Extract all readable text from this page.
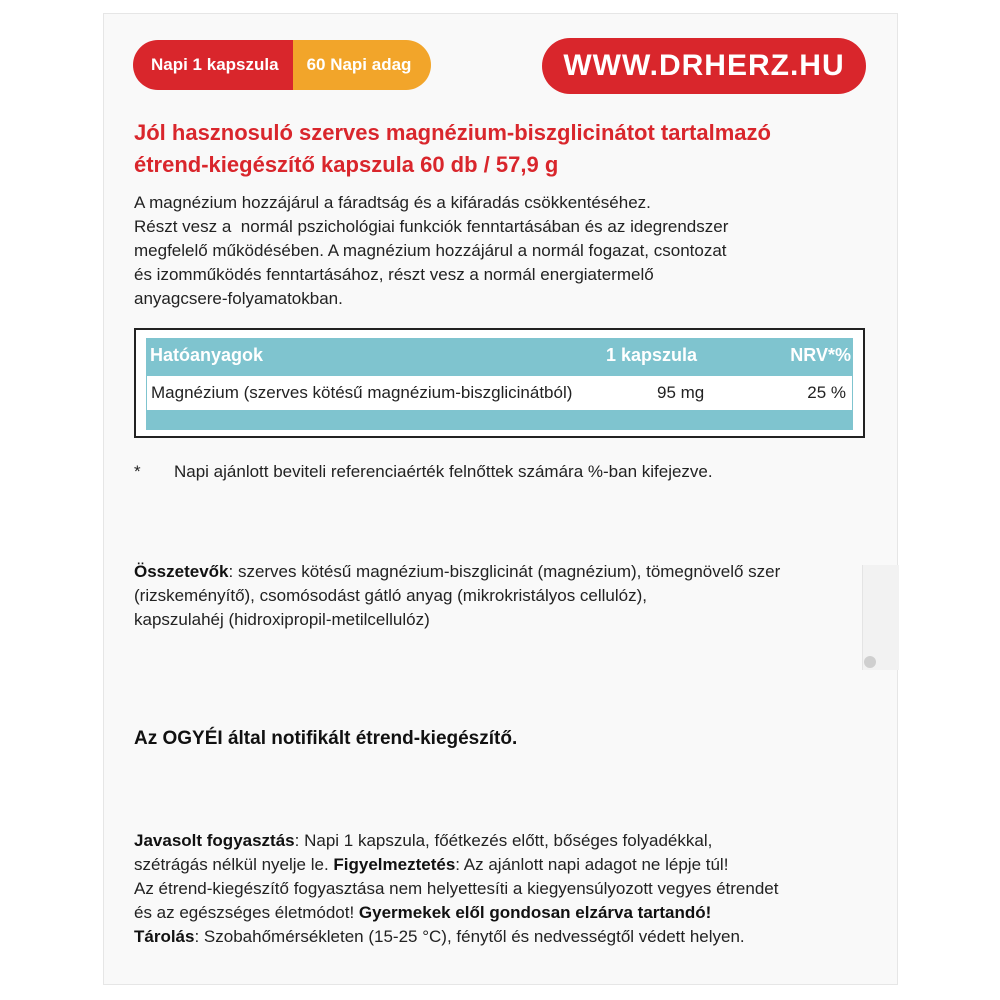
Napi 1 kapszula	60 Napi adag	WWW.DRHERZ.HU
Jól hasznosuló szerves magnézium-biszglicinátot tartalmazó
étrend-kiegészítő kapszula 60 db / 57,9 g
A magnézium hozzájárul a fáradtság és a kifáradás csökkentéséhez.
Részt vesz a  normál pszichológiai funkciók fenntartásában és az idegrendszer
megfelelő működésében. A magnézium hozzájárul a normál fogazat, csontozat
és izomműködés fenntartásához, részt vesz a normál energiatermelő
anyagcsere-folyamatokban.
Hatóanyagok	1 kapszula	NRV*%
Magnézium (szerves kötésű magnézium-biszglicinátból)	95 mg	25 %
* Napi ajánlott beviteli referenciaérték felnőttek számára %-ban kifejezve.
Összetevők: szerves kötésű magnézium-biszglicinát (magnézium), tömegnövelő szer
(rizskeményítő), csomósodást gátló anyag (mikrokristályos cellulóz),
kapszulahéj (hidroxipropil-metilcellulóz)
Az OGYÉI által notifikált étrend-kiegészítő.
Javasolt fogyasztás: Napi 1 kapszula, főétkezés előtt, bőséges folyadékkal,
szétrágás nélkül nyelje le. Figyelmeztetés: Az ajánlott napi adagot ne lépje túl!
Az étrend-kiegészítő fogyasztása nem helyettesíti a kiegyensúlyozott vegyes étrendet
és az egészséges életmódot! Gyermekek elől gondosan elzárva tartandó!
Tárolás: Szobahőmérsékleten (15-25 °C), fénytől és nedvességtől védett helyen.
